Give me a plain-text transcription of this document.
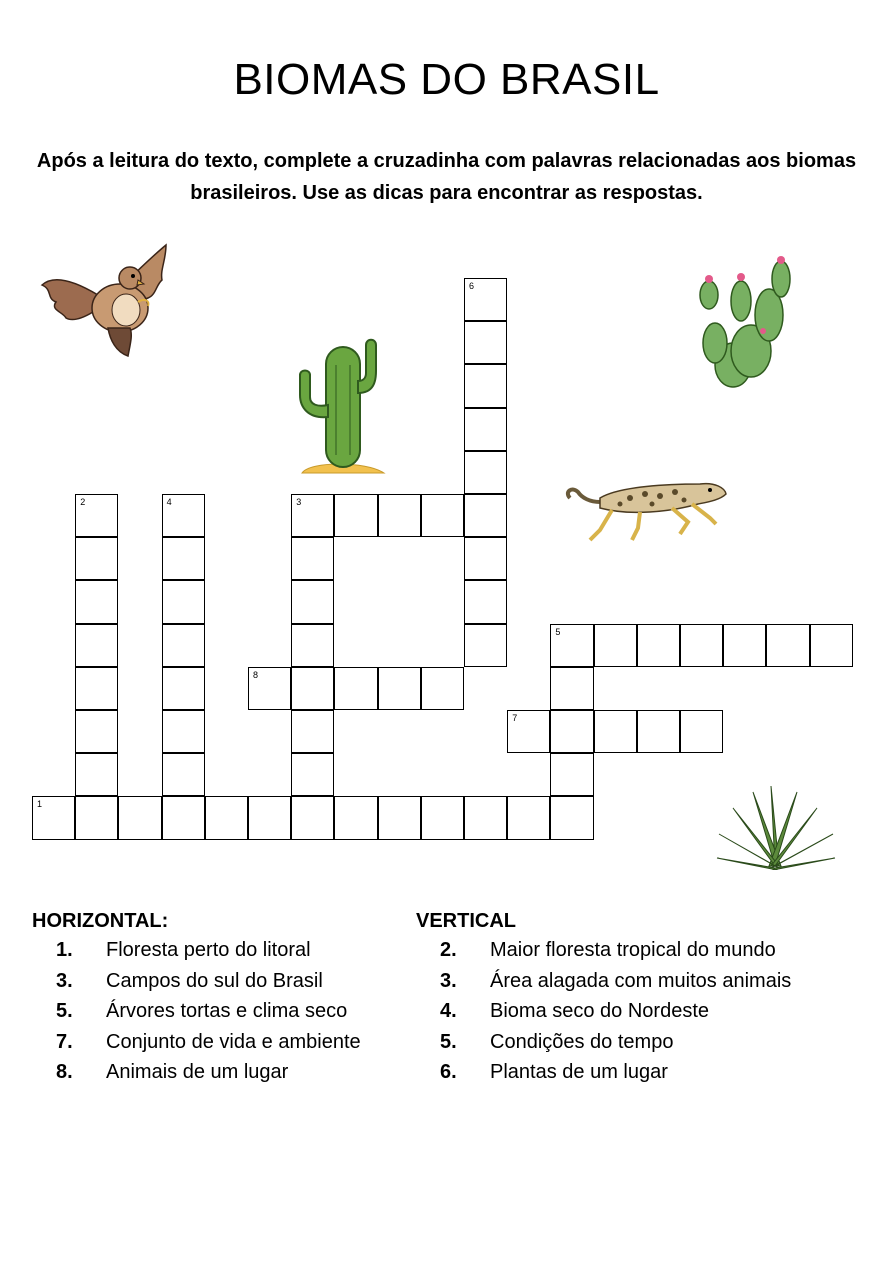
BIOMAS DO BRASIL
Após a leitura do texto, complete a cruzadinha com palavras relacionadas aos biomas brasileiros. Use as dicas para encontrar as respostas.
6
2	4	3
5
8
7
1
HORIZONTAL:
1.	Floresta perto do litoral
3.	Campos do sul do Brasil
5.	Árvores tortas e clima seco
7.	Conjunto de vida e ambiente
8.	Animais de um lugar
VERTICAL
2.	Maior floresta tropical do mundo
3.	Área alagada com muitos animais
4.	Bioma seco do Nordeste
5.	Condições do tempo
6.	Plantas de um lugar
